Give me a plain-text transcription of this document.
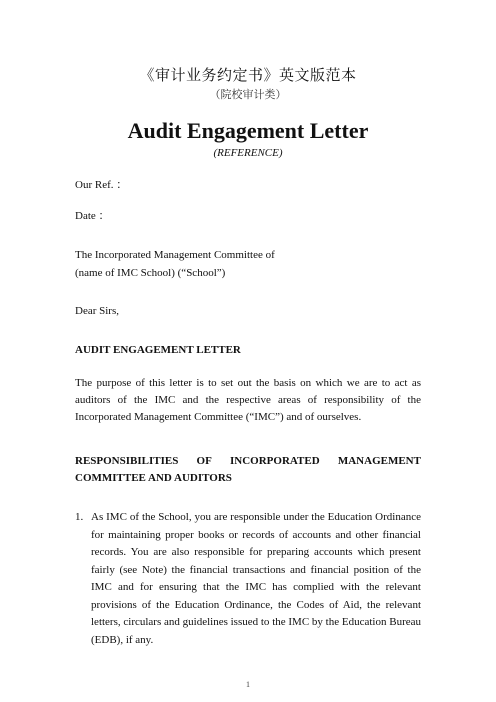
《审计业务约定书》英文版范本
（院校审计类）
Audit Engagement Letter
(REFERENCE)
Our Ref. ：
Date ：
The Incorporated Management Committee of
(name of IMC School) (“School”)
Dear Sirs,
AUDIT ENGAGEMENT LETTER
The purpose of this letter is to set out the basis on which we are to act as auditors of the IMC and the respective areas of responsibility of the Incorporated Management Committee (“IMC”) and of ourselves.
RESPONSIBILITIES OF INCORPORATED MANAGEMENT
COMMITTEE AND AUDITORS
1. As IMC of the School, you are responsible under the Education Ordinance for maintaining proper books or records of accounts and other financial records. You are also responsible for preparing accounts which present fairly (see Note) the financial transactions and financial position of the IMC and for ensuring that the IMC has complied with the relevant provisions of the Education Ordinance, the Codes of Aid, the relevant letters, circulars and guidelines issued to the IMC by the Education Bureau (EDB), if any.
1
